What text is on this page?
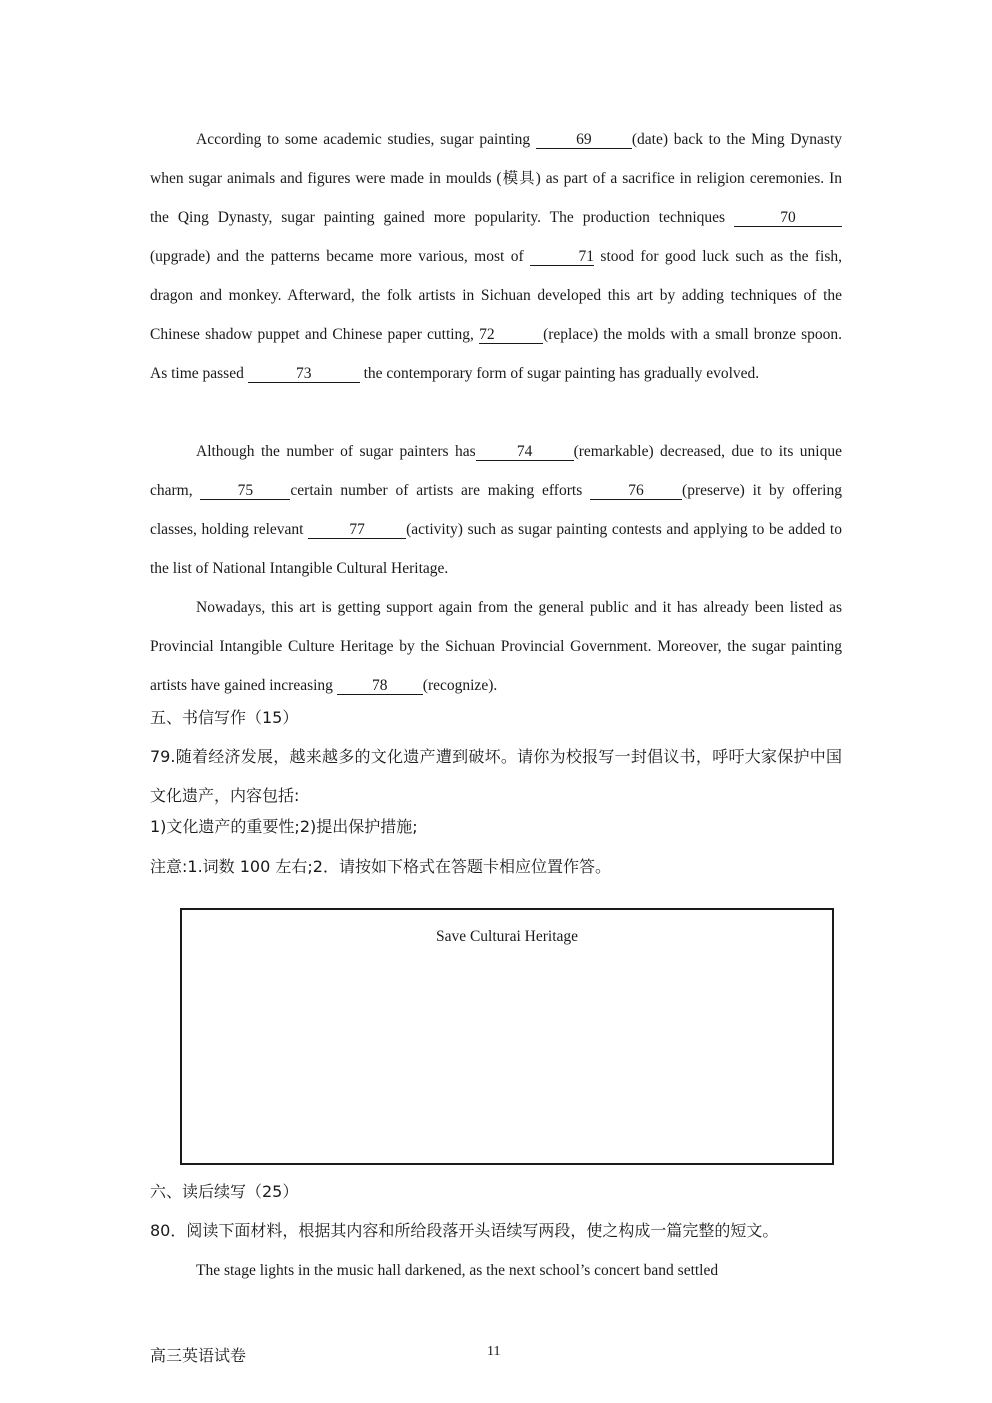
According to some academic studies, sugar painting	69	(date) back to the Ming Dynasty when sugar animals and figures were made in moulds (模具) as part of a sacrifice in religion ceremonies. In the Qing Dynasty, sugar painting gained more popularity. The production techniques	70(upgrade) and the patterns became more various, most of	71 stood for good luck such as the fish, dragon and monkey. Afterward, the folk artists in Sichuan developed this art by adding techniques of the Chinese shadow puppet and Chinese paper cutting, 72	(replace) the molds with a small bronze spoon. As time passed	73	the contemporary form of sugar painting has gradually evolved.

Although the number of sugar painters has	74	(remarkable) decreased, due to its unique charm, 75 certain number of artists are making efforts 76 (preserve) it by offering classes, holding relevant	77	(activity) such as sugar painting contests and applying to be added to the list of National Intangible Cultural Heritage.

Nowadays, this art is getting support again from the general public and it has already been listed as Provincial Intangible Culture Heritage by the Sichuan Provincial Government. Moreover, the sugar painting artists have gained increasing 78 (recognize).

五、书信写作（15）

79.随着经济发展，越来越多的文化遗产遭到破坏。请你为校报写一封倡议书，呼吁大家保护中国文化遗产，内容包括:

1)文化遗产的重要性;2)提出保护措施;

注意:1.词数 100 左右;2．请按如下格式在答题卡相应位置作答。

Save Culturai Heritage

六、读后续写（25）

80．阅读下面材料，根据其内容和所给段落开头语续写两段，使之构成一篇完整的短文。

The stage lights in the music hall darkened, as the next school’s concert band settled

高三英语试卷	11
